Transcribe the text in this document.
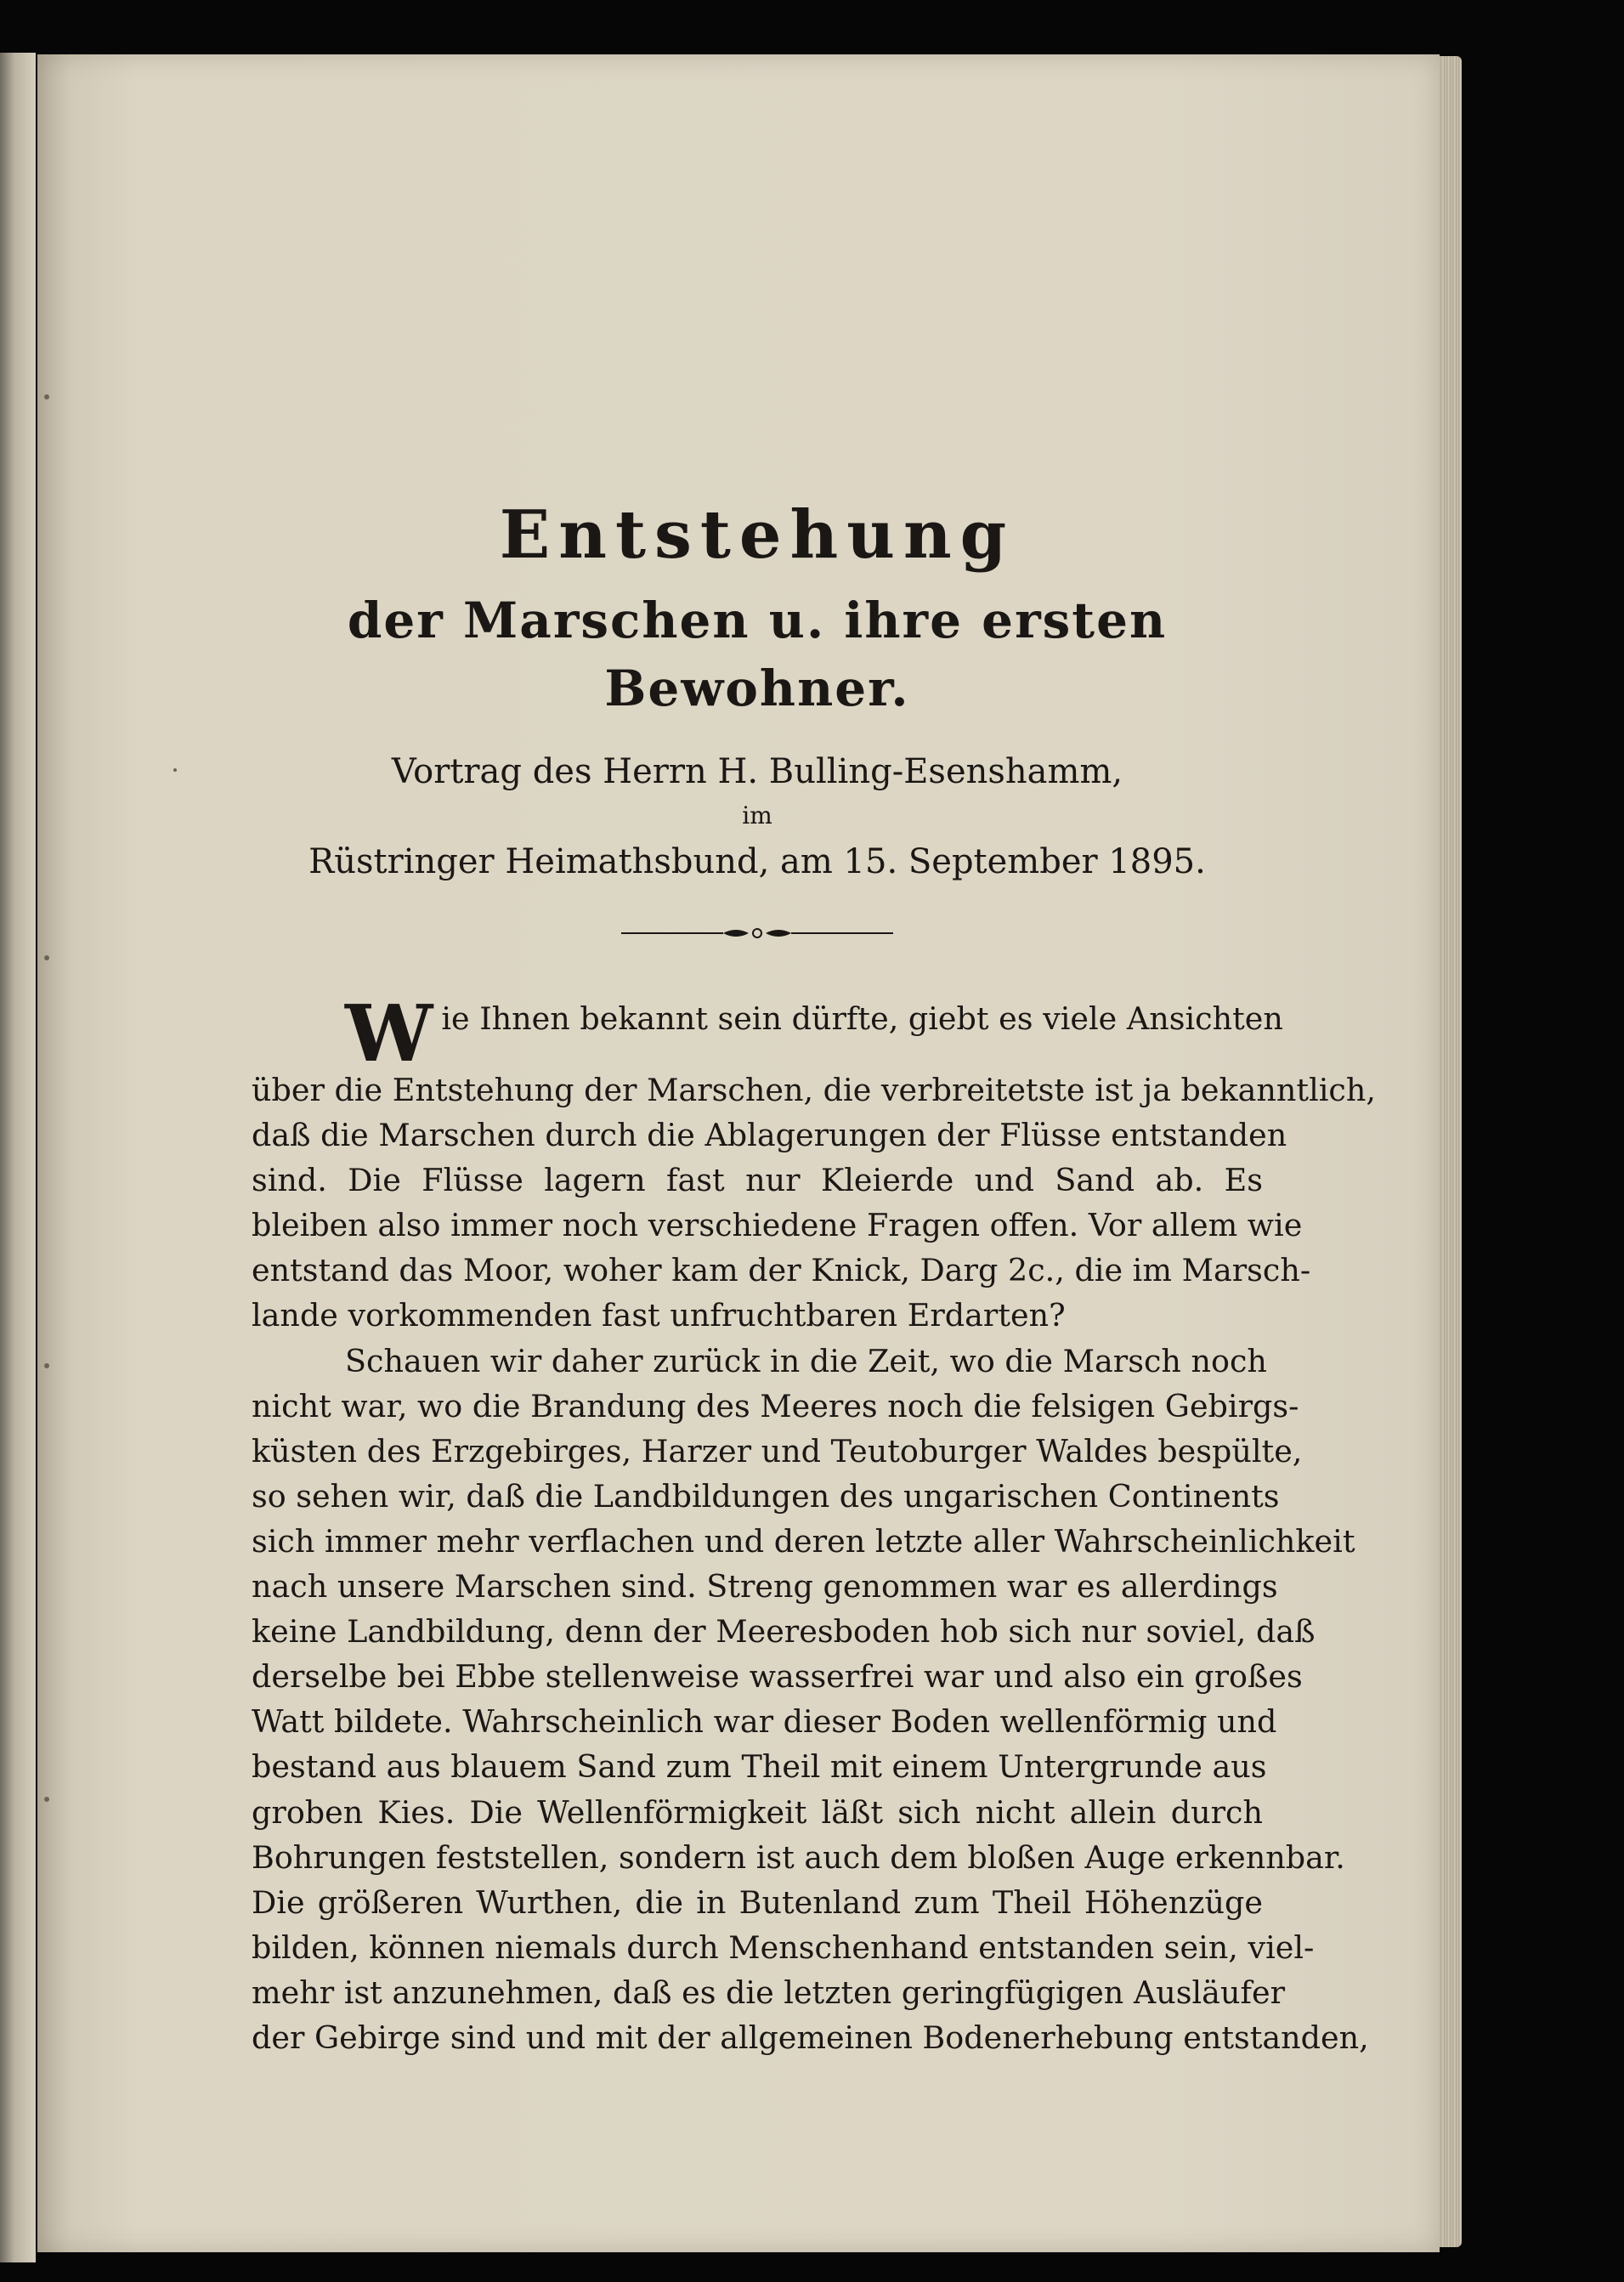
Entstehung
der Marschen u. ihre ersten Bewohner.
Vortrag des Herrn H. Bulling-Esenshamm,
im
Rüstringer Heimathsbund, am 15. September 1895.

W ie Ihnen bekannt sein dürfte, giebt es viele Ansichten
über die Entstehung der Marschen, die verbreitetste ist ja bekanntlich,
daß die Marschen durch die Ablagerungen der Flüsse entstanden
sind. Die Flüsse lagern fast nur Kleierde und Sand ab. Es
bleiben also immer noch verschiedene Fragen offen. Vor allem wie
entstand das Moor, woher kam der Knick, Darg 2c., die im Marsch-
lande vorkommenden fast unfruchtbaren Erdarten?

Schauen wir daher zurück in die Zeit, wo die Marsch noch
nicht war, wo die Brandung des Meeres noch die felsigen Gebirgs-
küsten des Erzgebirges, Harzer und Teutoburger Waldes bespülte,
so sehen wir, daß die Landbildungen des ungarischen Continents
sich immer mehr verflachen und deren letzte aller Wahrscheinlichkeit
nach unsere Marschen sind. Streng genommen war es allerdings
keine Landbildung, denn der Meeresboden hob sich nur soviel, daß
derselbe bei Ebbe stellenweise wasserfrei war und also ein großes
Watt bildete. Wahrscheinlich war dieser Boden wellenförmig und
bestand aus blauem Sand zum Theil mit einem Untergrunde aus
groben Kies. Die Wellenförmigkeit läßt sich nicht allein durch
Bohrungen feststellen, sondern ist auch dem bloßen Auge erkennbar.
Die größeren Wurthen, die in Butenland zum Theil Höhenzüge
bilden, können niemals durch Menschenhand entstanden sein, viel-
mehr ist anzunehmen, daß es die letzten geringfügigen Ausläufer
der Gebirge sind und mit der allgemeinen Bodenerhebung entstanden,
